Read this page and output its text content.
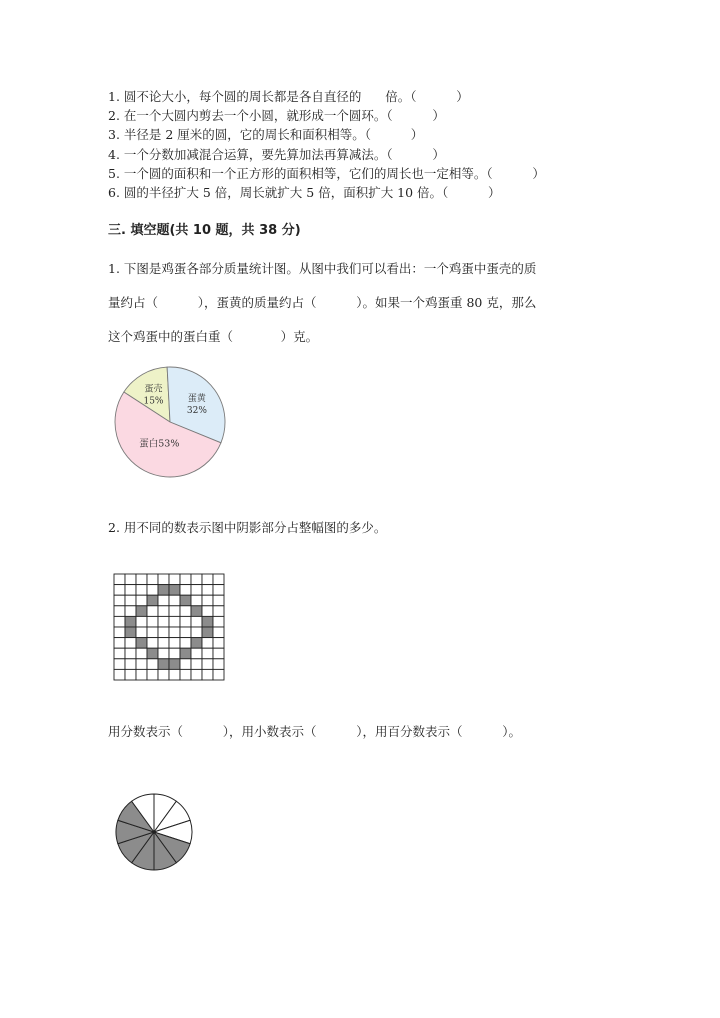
1. 圆不论大小，每个圆的周长都是各自直径的      倍。（          ）
2. 在一个大圆内剪去一个小圆，就形成一个圆环。（          ）
3. 半径是 2 厘米的圆，它的周长和面积相等。（          ）
4. 一个分数加减混合运算，要先算加法再算减法。（          ）
5. 一个圆的面积和一个正方形的面积相等，它们的周长也一定相等。（          ）
6. 圆的半径扩大 5 倍，周长就扩大 5 倍，面积扩大 10 倍。（          ）
三. 填空题(共 10 题，共 38 分)
1. 下图是鸡蛋各部分质量统计图。从图中我们可以看出：一个鸡蛋中蛋壳的质
量约占（          ），蛋黄的质量约占（          ）。如果一个鸡蛋重 80 克，那么
这个鸡蛋中的蛋白重（            ）克。
蛋壳
15%	蛋黄
32%
蛋白53%
2. 用不同的数表示图中阴影部分占整幅图的多少。
用分数表示（          ），用小数表示（          ），用百分数表示（          ）。
